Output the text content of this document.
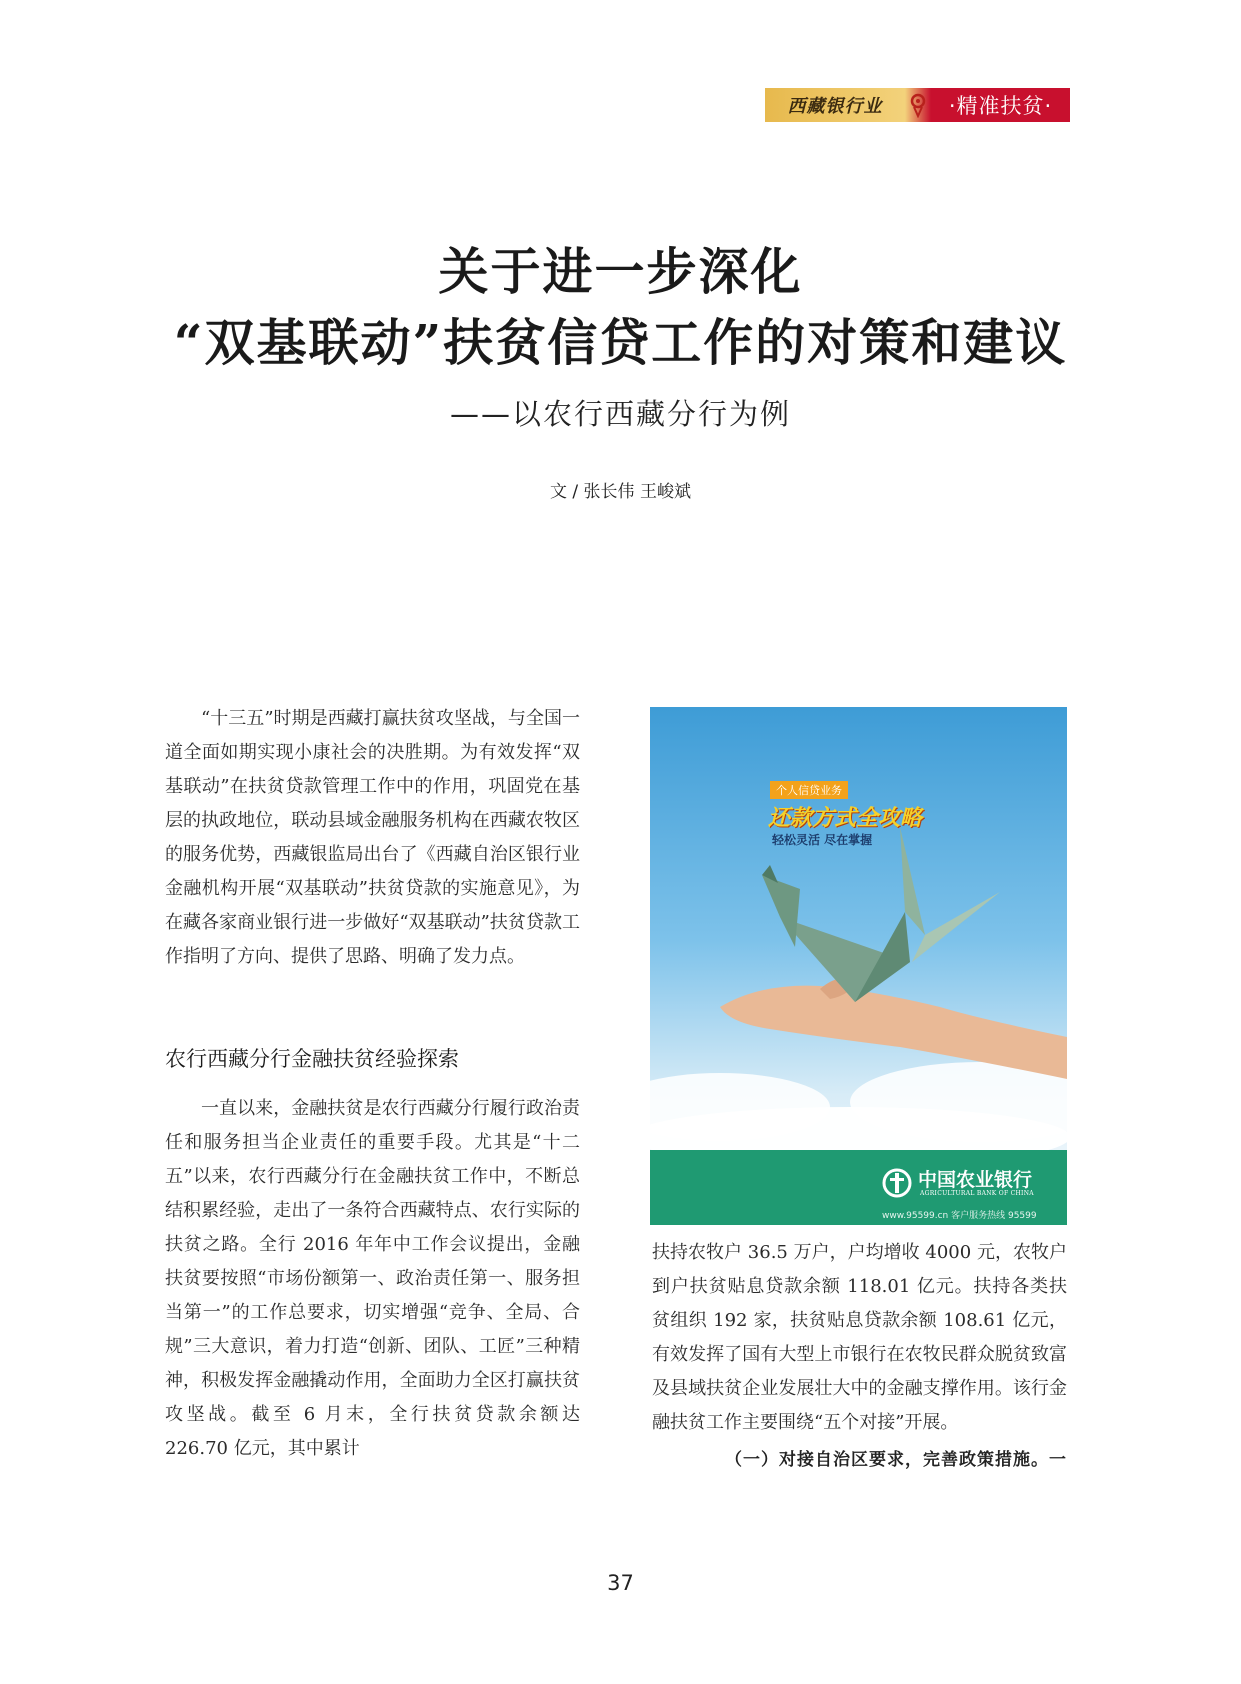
西藏银行业	·精准扶贫·
关于进一步深化
“双基联动”扶贫信贷工作的对策和建议
——以农行西藏分行为例
文 / 张长伟 王峻斌

“十三五”时期是西藏打赢扶贫攻坚战，与全国一道全面如期实现小康社会的决胜期。为有效发挥“双基联动”在扶贫贷款管理工作中的作用，巩固党在基层的执政地位，联动县域金融服务机构在西藏农牧区的服务优势，西藏银监局出台了《西藏自治区银行业金融机构开展“双基联动”扶贫贷款的实施意见》，为在藏各家商业银行进一步做好“双基联动”扶贫贷款工作指明了方向、提供了思路、明确了发力点。

农行西藏分行金融扶贫经验探索

一直以来，金融扶贫是农行西藏分行履行政治责任和服务担当企业责任的重要手段。尤其是“十二五”以来，农行西藏分行在金融扶贫工作中，不断总结积累经验，走出了一条符合西藏特点、农行实际的扶贫之路。全行 2016 年年中工作会议提出，金融扶贫要按照“市场份额第一、政治责任第一、服务担当第一”的工作总要求，切实增强“竞争、全局、合规”三大意识，着力打造“创新、团队、工匠”三种精神，积极发挥金融撬动作用，全面助力全区打赢扶贫攻坚战。截至 6 月末，全行扶贫贷款余额达 226.70 亿元，其中累计

个人信贷业务
还款方式全攻略
轻松灵活 尽在掌握
中国农业银行
AGRICULTURAL BANK OF CHINA
www.95599.cn 客户服务热线 95599

扶持农牧户 36.5 万户，户均增收 4000 元，农牧户到户扶贫贴息贷款余额 118.01 亿元。扶持各类扶贫组织 192 家，扶贫贴息贷款余额 108.61 亿元，有效发挥了国有大型上市银行在农牧民群众脱贫致富及县域扶贫企业发展壮大中的金融支撑作用。该行金融扶贫工作主要围绕“五个对接”开展。

（一）对接自治区要求，完善政策措施。一
37
